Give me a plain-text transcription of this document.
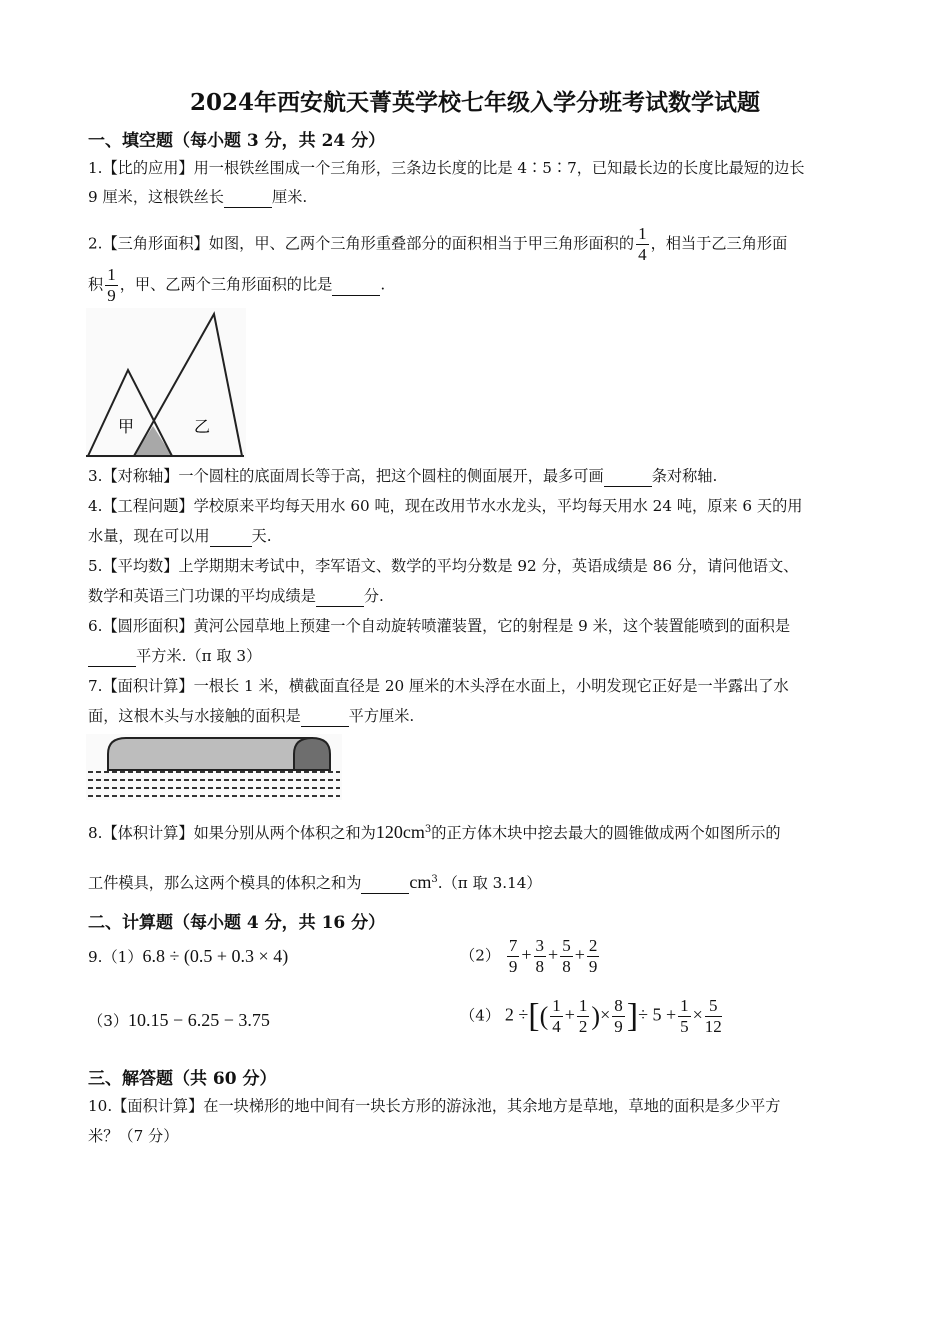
2024年西安航天菁英学校七年级入学分班考试数学试题
一、填空题（每小题 3 分，共 24 分）
1.【比的应用】用一根铁丝围成一个三角形，三条边长度的比是 4∶5∶7，已知最长边的长度比最短的边长
9 厘米，这根铁丝长	厘米.
2.【三角形面积】如图，甲、乙两个三角形重叠部分的面积相当于甲三角形面积的 $\frac{1}{4}$ ，相当于乙三角形面
积 $\frac{1}{9}$ ，甲、乙两个三角形面积的比是	.
甲	乙
3.【对称轴】一个圆柱的底面周长等于高，把这个圆柱的侧面展开，最多可画	条对称轴.
4.【工程问题】学校原来平均每天用水 60 吨，现在改用节水水龙头，平均每天用水 24 吨，原来 6 天的用
水量，现在可以用	天.
5.【平均数】上学期期末考试中，李军语文、数学的平均分数是 92 分，英语成绩是 86 分，请问他语文、
数学和英语三门功课的平均成绩是	分.
6.【圆形面积】黄河公园草地上预建一个自动旋转喷灌装置，它的射程是 9 米，这个装置能喷到的面积是
平方米.（π 取 3）
7.【面积计算】一根长 1 米，横截面直径是 20 厘米的木头浮在水面上，小明发现它正好是一半露出了水
面，这根木头与水接触的面积是	平方厘米.
8.【体积计算】如果分别从两个体积之和为$120cm^3$的正方体木块中挖去最大的圆锥做成两个如图所示的
工件模具，那么这两个模具的体积之和为	$cm^3.(\pi$ 取 3.14）
二、计算题（每小题 4 分，共 16 分）
9.（1）6.8 ÷ (0.5 + 0.3 × 4)	$(2) \frac{7}{9} + \frac{3}{8} + \frac{5}{8} + \frac{2}{9}$
（3）10.15 − 6.25 − 3.75	（4） 2 ÷[( $\frac{1}{4} + \frac{1}{2}$ )× $\frac{8}{9}$ ]÷ $5 + \frac{1}{5} \times \frac{5}{12}$
三、解答题（共 60 分）
10.【面积计算】在一块梯形的地中间有一块长方形的游泳池，其余地方是草地，草地的面积是多少平方
米？（7 分）
